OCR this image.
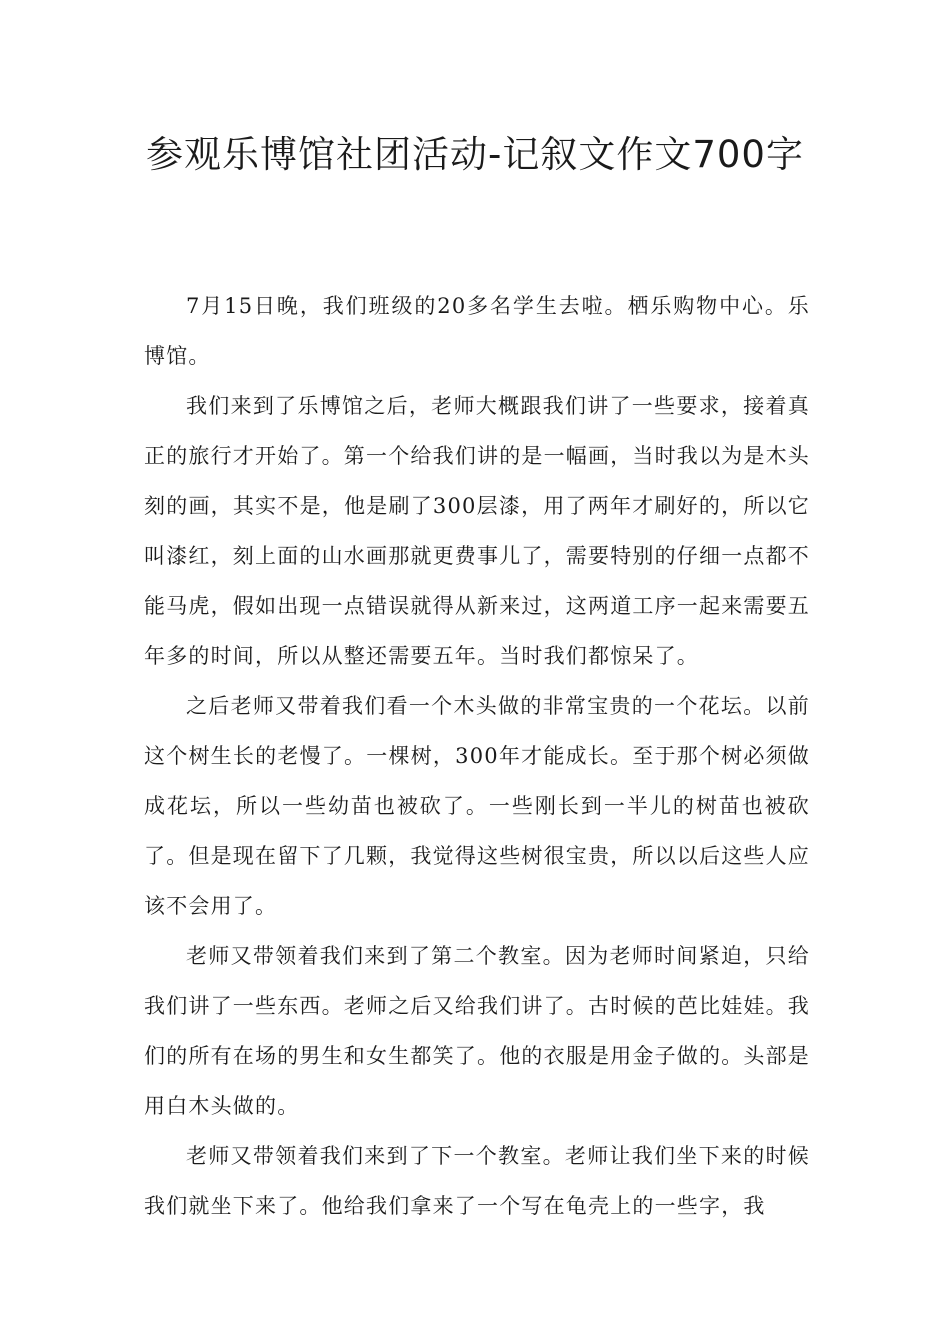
参观乐博馆社团活动-记叙文作文700字

7月15日晚，我们班级的20多名学生去啦。栖乐购物中心。乐博馆。

我们来到了乐博馆之后，老师大概跟我们讲了一些要求，接着真正的旅行才开始了。第一个给我们讲的是一幅画，当时我以为是木头刻的画，其实不是，他是刷了300层漆，用了两年才刷好的，所以它叫漆红，刻上面的山水画那就更费事儿了，需要特别的仔细一点都不能马虎，假如出现一点错误就得从新来过，这两道工序一起来需要五年多的时间，所以从整还需要五年。当时我们都惊呆了。

之后老师又带着我们看一个木头做的非常宝贵的一个花坛。以前这个树生长的老慢了。一棵树，300年才能成长。至于那个树必须做成花坛，所以一些幼苗也被砍了。一些刚长到一半儿的树苗也被砍了。但是现在留下了几颗，我觉得这些树很宝贵，所以以后这些人应该不会用了。

老师又带领着我们来到了第二个教室。因为老师时间紧迫，只给我们讲了一些东西。老师之后又给我们讲了。古时候的芭比娃娃。我们的所有在场的男生和女生都笑了。他的衣服是用金子做的。头部是用白木头做的。

老师又带领着我们来到了下一个教室。老师让我们坐下来的时候我们就坐下来了。他给我们拿来了一个写在龟壳上的一些字，我
